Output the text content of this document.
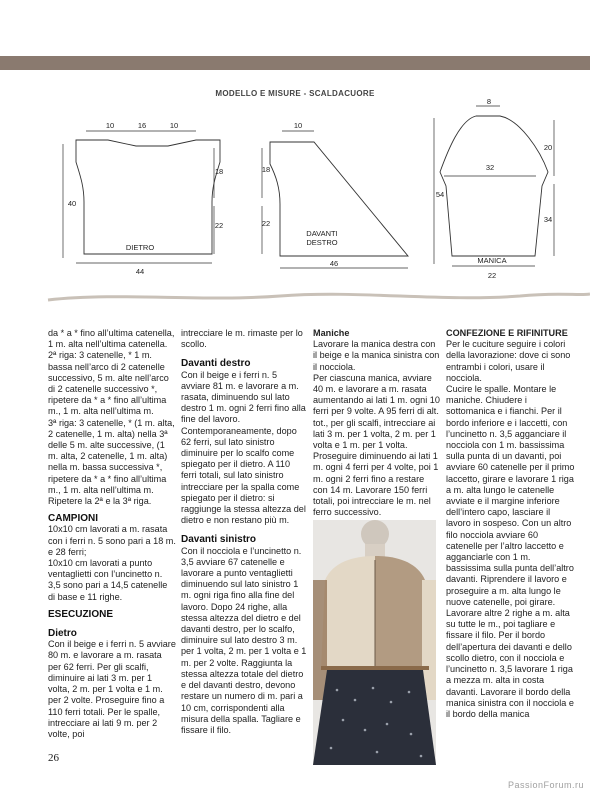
MODELLO E MISURE - SCALDACUORE
10	16	10
40
18
22
44
DIETRO
10
18
22
46
DAVANTI
DESTRO
8
20
32
54
34
22
MANICA

da * a * fino all’ultima catenella, 1 m. alta nell’ultima catenella.

2ª riga: 3 catenelle, * 1 m. bassa nell’arco di 2 catenelle successivo, 5 m. alte nell’arco di 2 catenelle successivo *, ripetere da * a * fino all’ultima m., 1 m. alta nell’ultima m.

3ª riga: 3 catenelle, * (1 m. alta, 2 catenelle, 1 m. alta) nella 3ª delle 5 m. alte successive, (1 m. alta, 2 catenelle, 1 m. alta) nella m. bassa successiva *, ripetere da * a * fino all’ultima m., 1 m. alta nell’ultima m.

Ripetere la 2ª e la 3ª riga.

CAMPIONI

10x10 cm lavorati a m. rasata con i ferri n. 5 sono pari a 18 m. e 28 ferri;

10x10 cm lavorati a punto ventaglietti con l’uncinetto n. 3,5 sono pari a 14,5 catenelle di base e 11 righe.

ESECUZIONE

Dietro

Con il beige e i ferri n. 5 avviare 80 m. e lavorare a m. rasata per 62 ferri. Per gli scalfi, diminuire ai lati 3 m. per 1 volta, 2 m. per 1 volta e 1 m. per 2 volte. Proseguire fino a 110 ferri totali. Per le spalle, intrecciare ai lati 9 m. per 2 volte, poi

intrecciare le m. rimaste per lo scollo.

Davanti destro

Con il beige e i ferri n. 5 avviare 81 m. e lavorare a m. rasata, diminuendo sul lato destro 1 m. ogni 2 ferri fino alla fine del lavoro. Contemporaneamente, dopo 62 ferri, sul lato sinistro diminuire per lo scalfo come spiegato per il dietro. A 110 ferri totali, sul lato sinistro intrecciare per la spalla come spiegato per il dietro: si raggiunge la stessa altezza del dietro e non restano più m.

Davanti sinistro

Con il nocciola e l’uncinetto n. 3,5 avviare 67 catenelle e lavorare a punto ventaglietti diminuendo sul lato sinistro 1 m. ogni riga fino alla fine del lavoro. Dopo 24 righe, alla stessa altezza del dietro e del davanti destro, per lo scalfo, diminuire sul lato destro 3 m. per 1 volta, 2 m. per 1 volta e 1 m. per 2 volte. Raggiunta la stessa altezza totale del dietro e del davanti destro, devono restare un numero di m. pari a 10 cm, corrispondenti alla misura della spalla. Tagliare e fissare il filo.

Maniche

Lavorare la manica destra con il beige e la manica sinistra con il nocciola.

Per ciascuna manica, avviare 40 m. e lavorare a m. rasata aumentando ai lati 1 m. ogni 10 ferri per 9 volte. A 95 ferri di alt. tot., per gli scalfi, intrecciare ai lati 3 m. per 1 volta, 2 m. per 1 volta e 1 m. per 1 volta. Proseguire diminuendo ai lati 1 m. ogni 4 ferri per 4 volte, poi 1 m. ogni 2 ferri fino a restare con 14 m. Lavorare 150 ferri totali, poi intrecciare le m. nel ferro successivo.

CONFEZIONE E RIFINITURE

Per le cuciture seguire i colori della lavorazione: dove ci sono entrambi i colori, usare il nocciola.

Cucire le spalle. Montare le maniche. Chiudere i sottomanica e i fianchi. Per il bordo inferiore e i laccetti, con l’uncinetto n. 3,5 agganciare il nocciola con 1 m. bassissima sulla punta di un davanti, poi avviare 60 catenelle per il primo laccetto, girare e lavorare 1 riga a m. alta lungo le catenelle avviate e il margine inferiore dell’intero capo, lasciare il lavoro in sospeso. Con un altro filo nocciola avviare 60 catenelle per l’altro laccetto e agganciarle con 1 m. bassissima sulla punta dell’altro davanti. Riprendere il lavoro e proseguire a m. alta lungo le nuove catenelle, poi girare. Lavorare altre 2 righe a m. alta su tutte le m., poi tagliare e fissare il filo. Per il bordo dell’apertura dei davanti e dello scollo dietro, con il nocciola e l’uncinetto n. 3,5 lavorare 1 riga a mezza m. alta in costa davanti. Lavorare il bordo della manica sinistra con il nocciola e il bordo della manica

26
PassionForum.ru
